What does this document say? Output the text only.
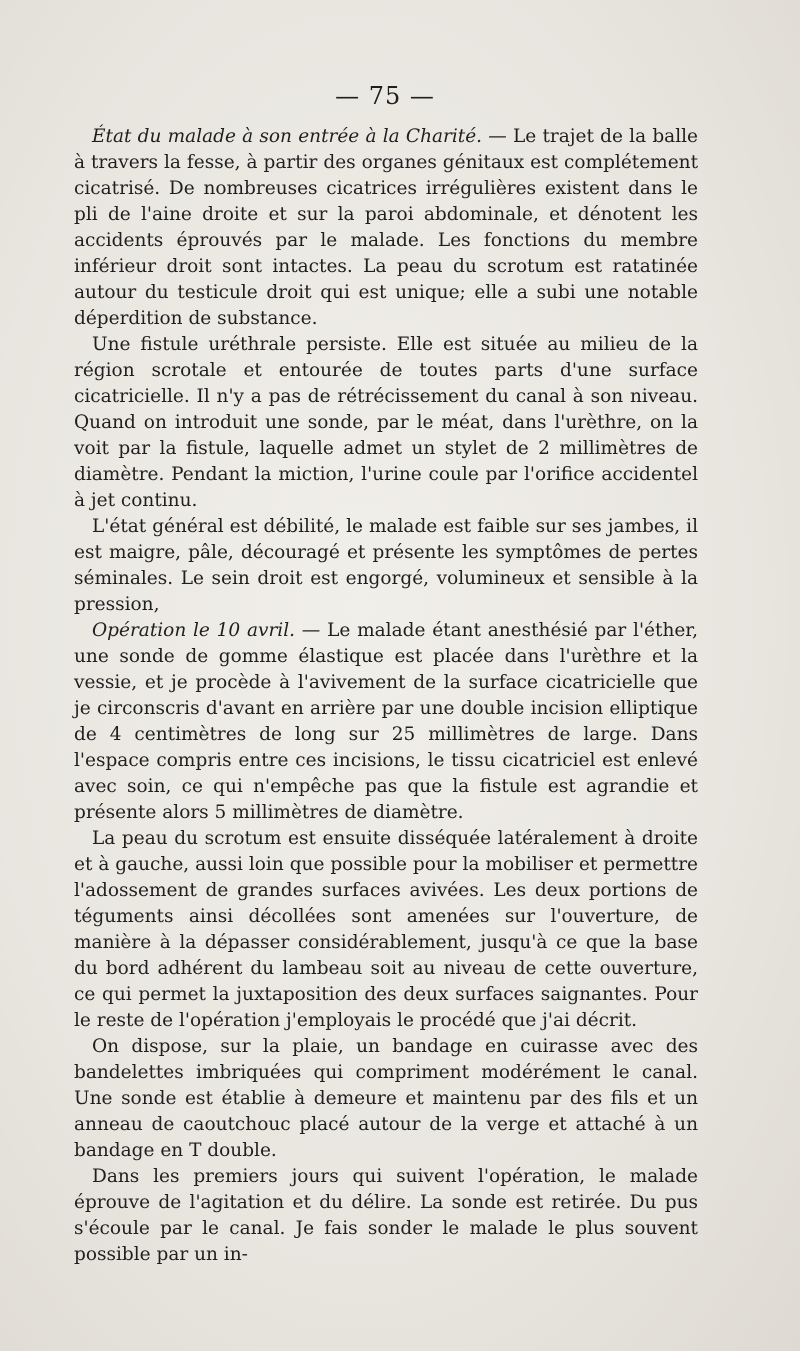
— 75 —

État du malade à son entrée à la Charité. — Le trajet de la balle à travers la fesse, à partir des organes génitaux est complétement cicatrisé. De nombreuses cicatrices irrégulières existent dans le pli de l'aine droite et sur la paroi abdominale, et dénotent les accidents éprouvés par le malade. Les fonctions du membre inférieur droit sont intactes. La peau du scrotum est ratatinée autour du testicule droit qui est unique; elle a subi une notable déperdition de substance.

Une fistule uréthrale persiste. Elle est située au milieu de la région scrotale et entourée de toutes parts d'une surface cicatricielle. Il n'y a pas de rétrécissement du canal à son niveau. Quand on introduit une sonde, par le méat, dans l'urèthre, on la voit par la fistule, laquelle admet un stylet de 2 millimètres de diamètre. Pendant la miction, l'urine coule par l'orifice accidentel à jet continu.

L'état général est débilité, le malade est faible sur ses jambes, il est maigre, pâle, découragé et présente les symptômes de pertes séminales. Le sein droit est engorgé, volumineux et sensible à la pression,

Opération le 10 avril. — Le malade étant anesthésié par l'éther, une sonde de gomme élastique est placée dans l'urèthre et la vessie, et je procède à l'avivement de la surface cicatricielle que je circonscris d'avant en arrière par une double incision elliptique de 4 centimètres de long sur 25 millimètres de large. Dans l'espace compris entre ces incisions, le tissu cicatriciel est enlevé avec soin, ce qui n'empêche pas que la fistule est agrandie et présente alors 5 millimètres de diamètre.

La peau du scrotum est ensuite disséquée latéralement à droite et à gauche, aussi loin que possible pour la mobiliser et permettre l'adossement de grandes surfaces avivées. Les deux portions de téguments ainsi décollées sont amenées sur l'ouverture, de manière à la dépasser considérablement, jusqu'à ce que la base du bord adhérent du lambeau soit au niveau de cette ouverture, ce qui permet la juxtaposition des deux surfaces saignantes. Pour le reste de l'opération j'employais le procédé que j'ai décrit.

On dispose, sur la plaie, un bandage en cuirasse avec des bandelettes imbriquées qui compriment modérément le canal. Une sonde est établie à demeure et maintenu par des fils et un anneau de caoutchouc placé autour de la verge et attaché à un bandage en T double.

Dans les premiers jours qui suivent l'opération, le malade éprouve de l'agitation et du délire. La sonde est retirée. Du pus s'écoule par le canal. Je fais sonder le malade le plus souvent possible par un in-
